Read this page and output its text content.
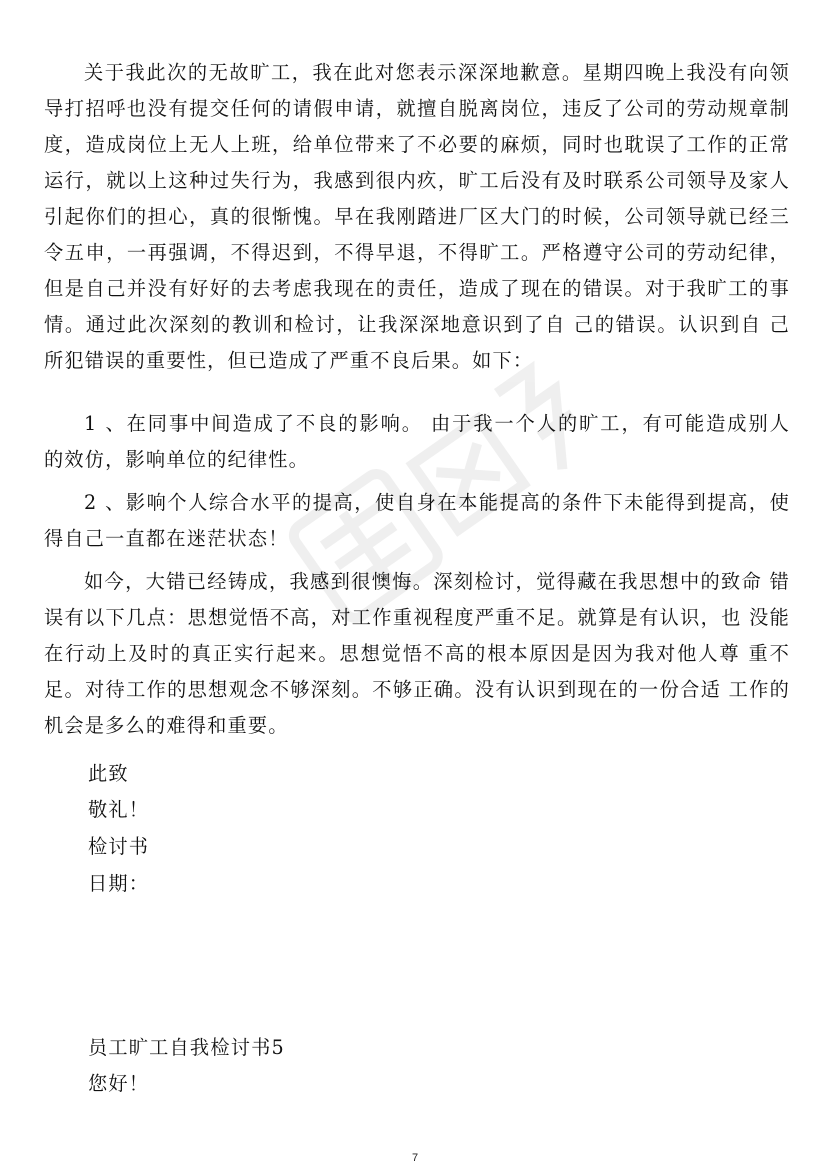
关于我此次的无故旷工，我在此对您表示深深地歉意。星期四晚上我没有向领导打招呼也没有提交任何的请假申请，就擅自脱离岗位，违反了公司的劳动规章制度，造成岗位上无人上班，给单位带来了不必要的麻烦，同时也耽误了工作的正常运行，就以上这种过失行为，我感到很内疚，旷工后没有及时联系公司领导及家人引起你们的担心，真的很惭愧。早在我刚踏进厂区大门的时候，公司领导就已经三令五申，一再强调，不得迟到，不得早退，不得旷工。严格遵守公司的劳动纪律，但是自己并没有好好的去考虑我现在的责任，造成了现在的错误。对于我旷工的事情。通过此次深刻的教训和检讨，让我深深地意识到了自 己的错误。认识到自 己所犯错误的重要性，但已造成了严重不良后果。如下：

1 、在同事中间造成了不良的影响。 由于我一个人的旷工，有可能造成别人 的效仿，影响单位的纪律性。

2 、影响个人综合水平的提高，使自身在本能提高的条件下未能得到提高，使得自己一直都在迷茫状态！

如今，大错已经铸成，我感到很懊悔。深刻检讨，觉得藏在我思想中的致命 错误有以下几点：思想觉悟不高，对工作重视程度严重不足。就算是有认识，也 没能在行动上及时的真正实行起来。思想觉悟不高的根本原因是因为我对他人尊 重不足。对待工作的思想观念不够深刻。不够正确。没有认识到现在的一份合适 工作的机会是多么的难得和重要。

此致

敬礼！

检讨书

日期：

员工旷工自我检讨书5

您好！

7
